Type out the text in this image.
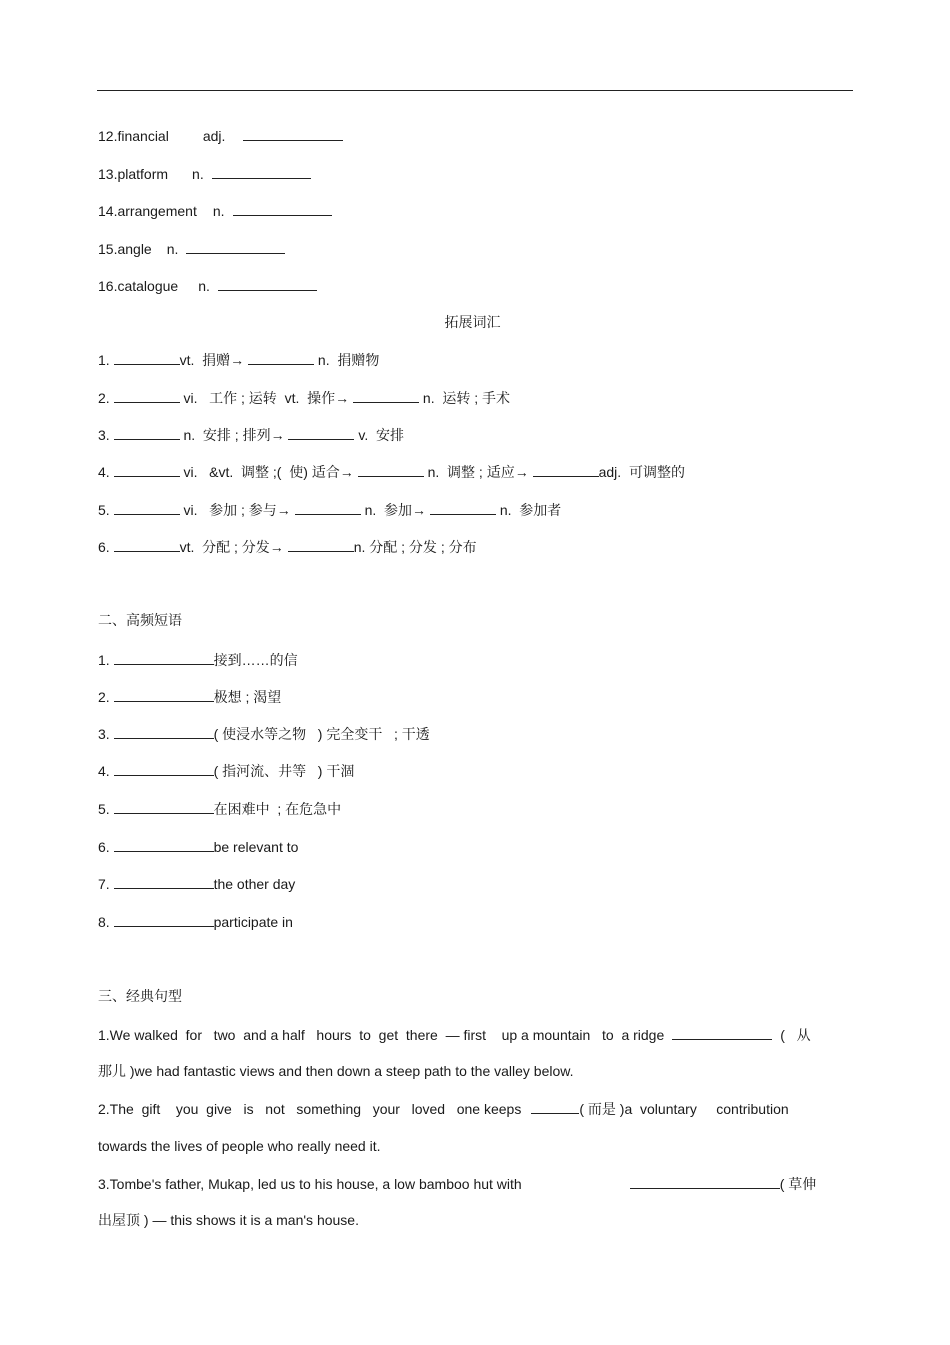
12.financial adj.
13.platform n.
14.arrangement n.
15.angle n.
16.catalogue n.
拓展词汇
1.	vt.  捐赠→	n.  捐赠物
2.	vi.   工作 ; 运转  vt.  操作→	n.  运转 ; 手术
3.	n.  安排 ; 排列→	v.  安排
4.	vi.   &vt.  调整 ;(  使) 适合→	n.  调整 ; 适应→	adj.  可调整的
5.	vi.   参加 ; 参与→	n.  参加→	n.  参加者
6.	vt.  分配 ; 分发→	n. 分配 ; 分发 ; 分布
二、高频短语
1.	接到……的信
2.	极想 ; 渴望
3.	( 使浸水等之物   ) 完全变干   ; 干透
4.	( 指河流、井等   ) 干涸
5.	在困难中  ; 在危急中
6.	be relevant to
7.	the other day
8.	participate in
三、经典句型
1.We walked  for   two  and a half   hours  to  get  there  — first    up a mountain   to  a ridge	(   从
那儿 )we had fantastic views and then down a steep path to the valley below.
2.The  gift    you  give   is   not   something   your   loved   one keeps	( 而是 )a  voluntary     contribution
towards the lives of people who really need it.
3.Tombe's father, Mukap, led us to his house, a low bamboo hut with	( 草伸
出屋顶 ) — this shows it is a man's house.
